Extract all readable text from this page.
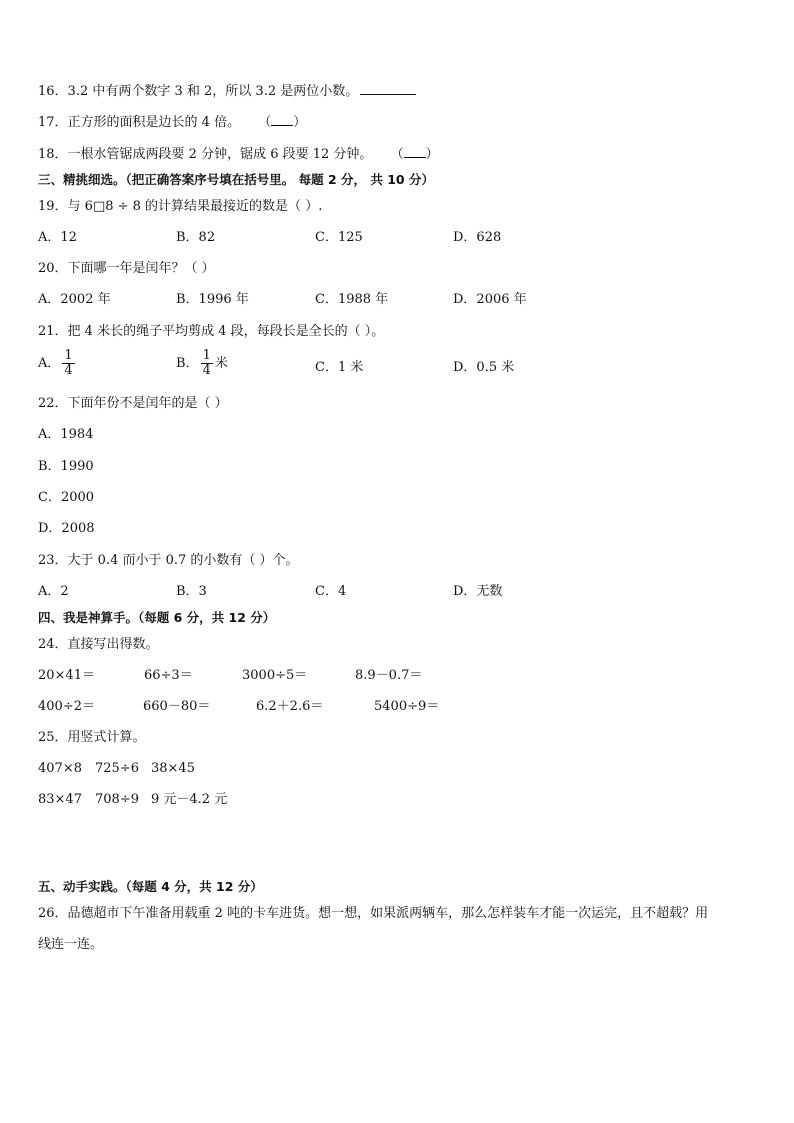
16．3.2 中有两个数字 3 和 2，所以 3.2 是两位小数。
17．正方形的面积是边长的 4 倍。 （ ）
18．一根水管锯成两段要 2 分钟，锯成 6 段要 12 分钟。 （ ）
三、精挑细选。（把正确答案序号填在括号里。 每题 2 分， 共 10 分）
19．与 6□8 ÷ 8 的计算结果最接近的数是（ ）.
A．12	B．82	C．125	D．628
20．下面哪一年是闰年？（ ）
A．2002 年	B．1996 年	C．1988 年	D．2006 年
21．把 4 米长的绳子平均剪成 4 段，每段长是全长的（ ）。
A． $\frac{1}{4}$	B． $\frac{1}{4}$ 米	C．1 米	D．0.5 米
22．下面年份不是闰年的是（ ）
A．1984
B．1990
C．2000
D．2008
23．大于 0.4 而小于 0.7 的小数有（ ）个。
A．2	B．3	C．4	D．无数
四、我是神算手。（每题 6 分，共 12 分）
24．直接写出得数。
20×41＝	66÷3＝	3000÷5＝	8.9－0.7＝
400÷2＝	660－80＝	6.2＋2.6＝	5400÷9＝
25．用竖式计算。
407×8 725÷6 38×45
83×47 708÷9 9 元－4.2 元
五、动手实践。（每题 4 分，共 12 分）
26．品德超市下午准备用载重 2 吨的卡车进货。想一想，如果派两辆车，那么怎样装车才能一次运完，且不超载？用
线连一连。
